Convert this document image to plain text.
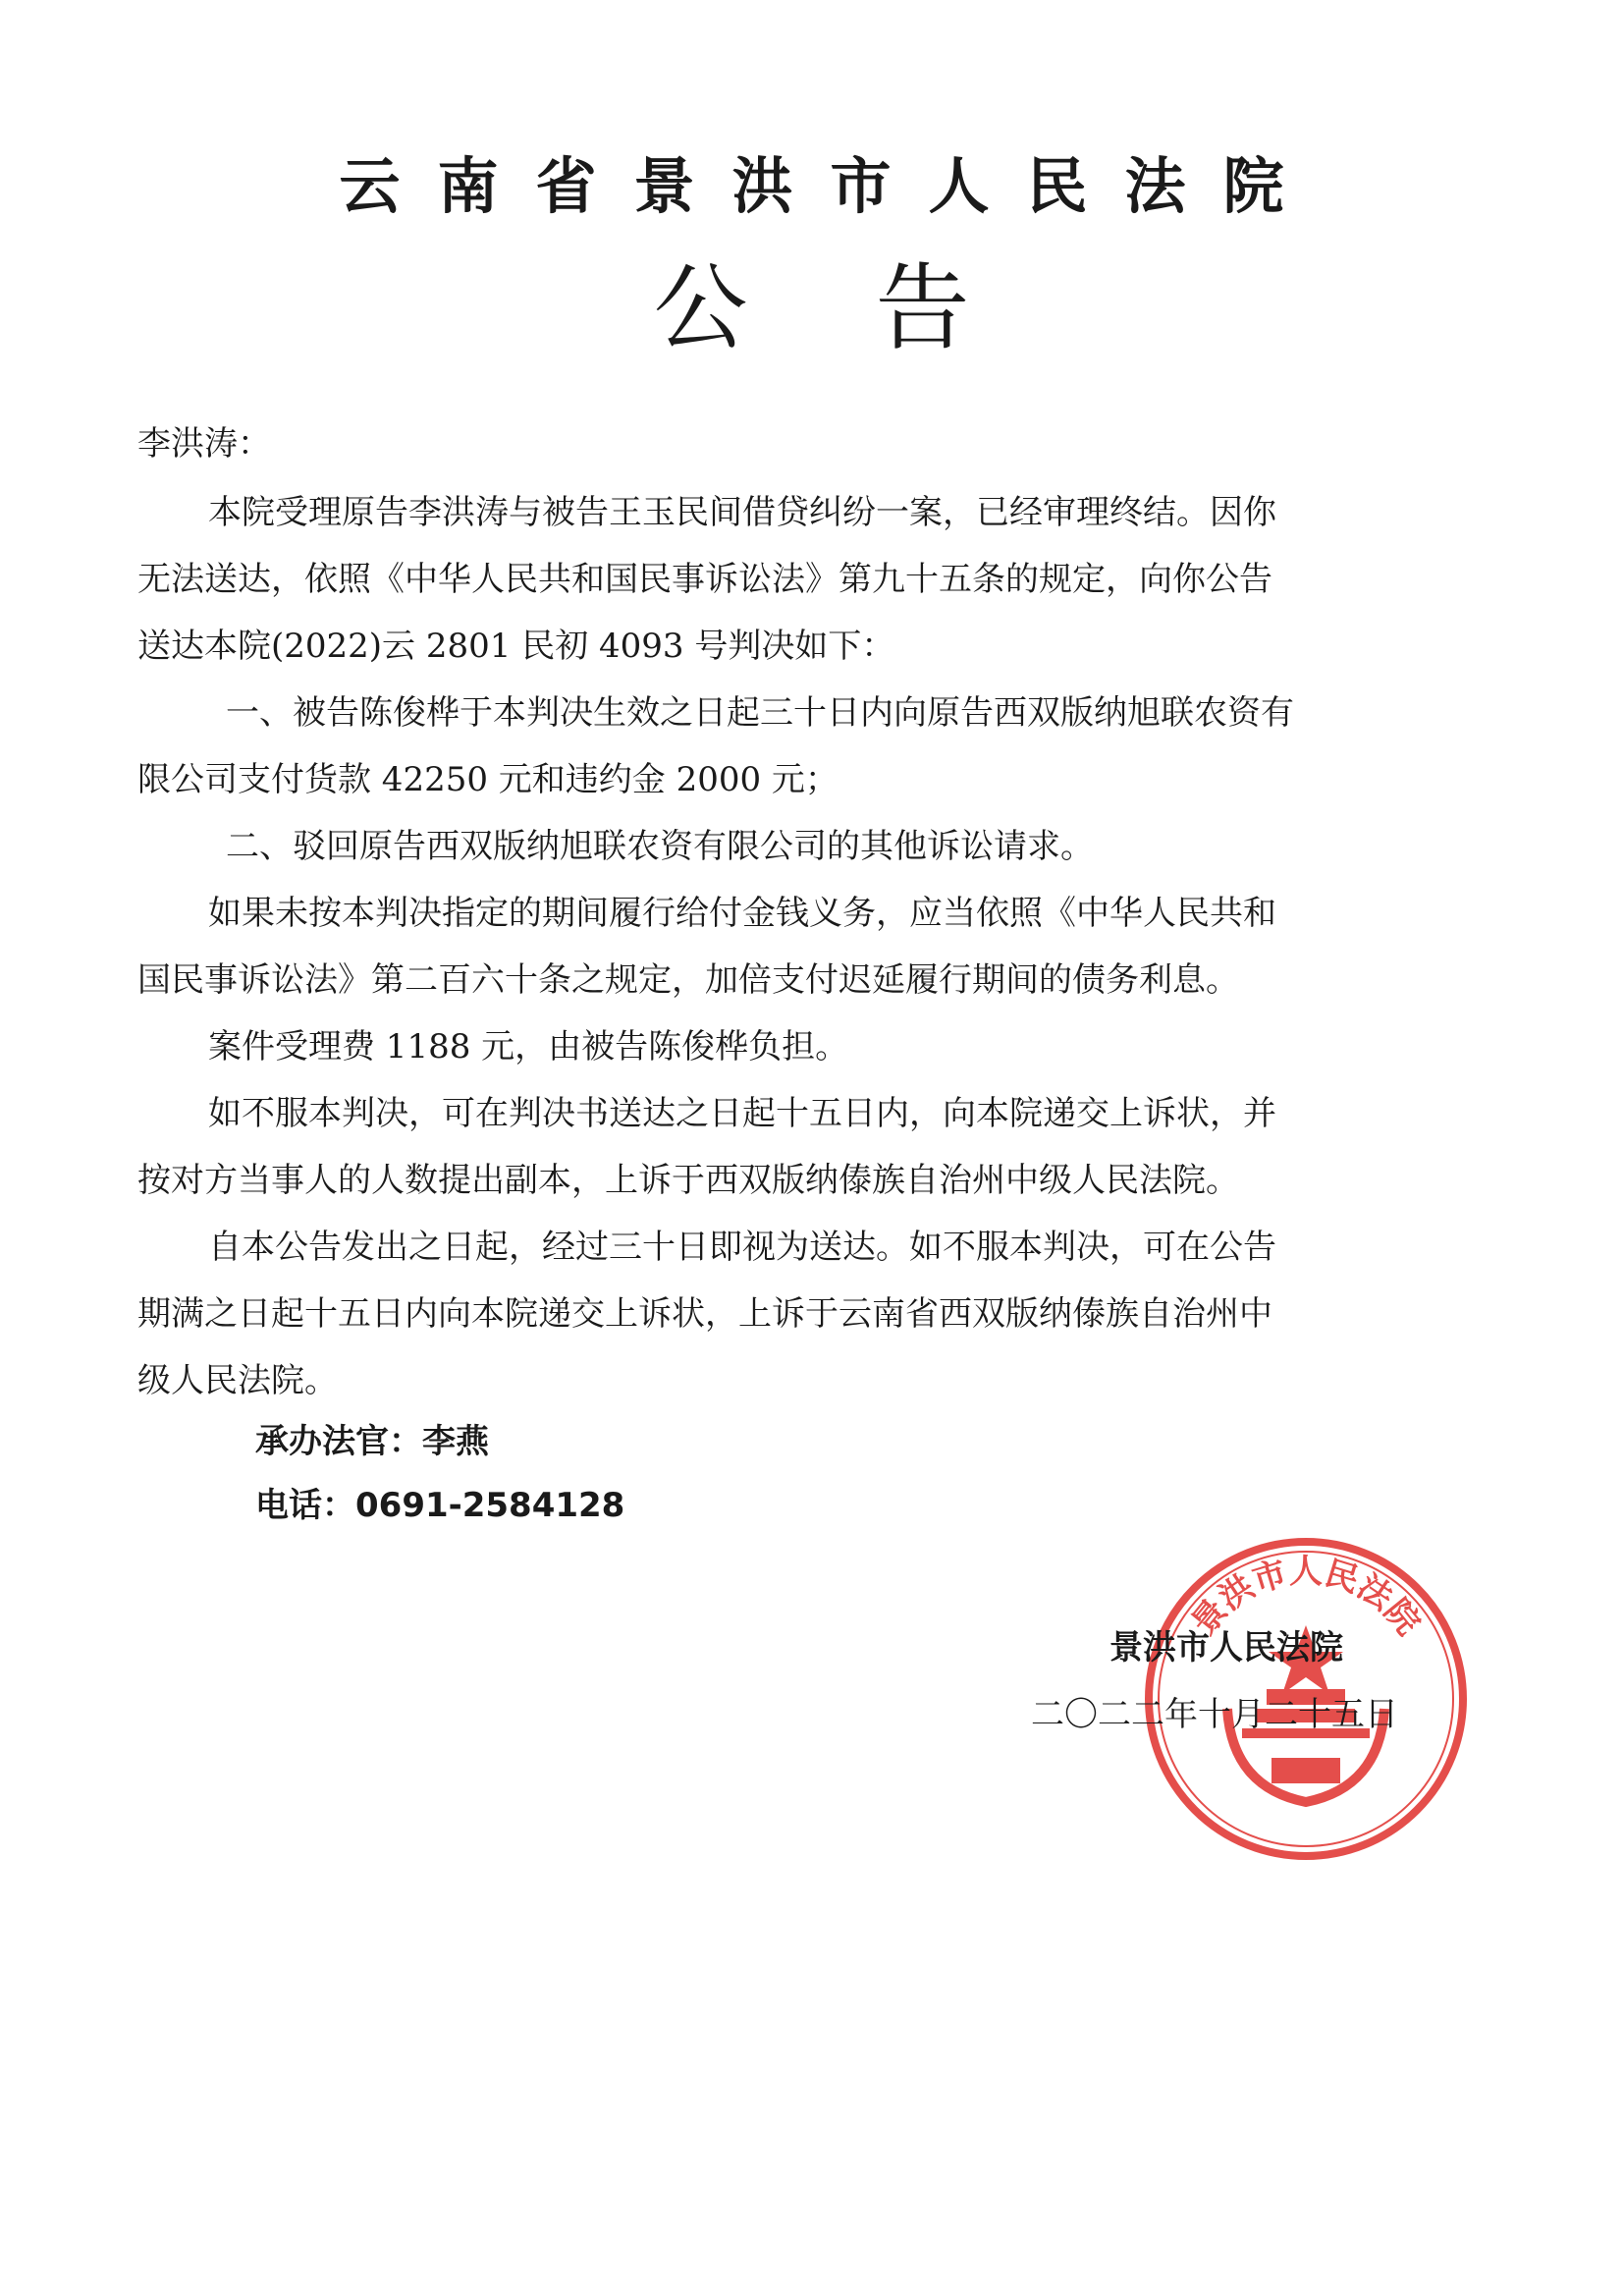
云南省景洪市人民法院
公告

李洪涛：

本院受理原告李洪涛与被告王玉民间借贷纠纷一案，已经审理终结。因你

无法送达，依照《中华人民共和国民事诉讼法》第九十五条的规定，向你公告

送达本院(2022)云 2801 民初 4093 号判决如下：

一、被告陈俊桦于本判决生效之日起三十日内向原告西双版纳旭联农资有

限公司支付货款 42250 元和违约金 2000 元；

二、驳回原告西双版纳旭联农资有限公司的其他诉讼请求。

如果未按本判决指定的期间履行给付金钱义务，应当依照《中华人民共和

国民事诉讼法》第二百六十条之规定，加倍支付迟延履行期间的债务利息。

案件受理费 1188 元，由被告陈俊桦负担。

如不服本判决，可在判决书送达之日起十五日内，向本院递交上诉状，并

按对方当事人的人数提出副本，上诉于西双版纳傣族自治州中级人民法院。

自本公告发出之日起，经过三十日即视为送达。如不服本判决，可在公告

期满之日起十五日内向本院递交上诉状，上诉于云南省西双版纳傣族自治州中

级人民法院。

承办法官：李燕
电话：0691-2584128
景洪市人民法院
景洪市人民法院
二〇二二年十月二十五日
